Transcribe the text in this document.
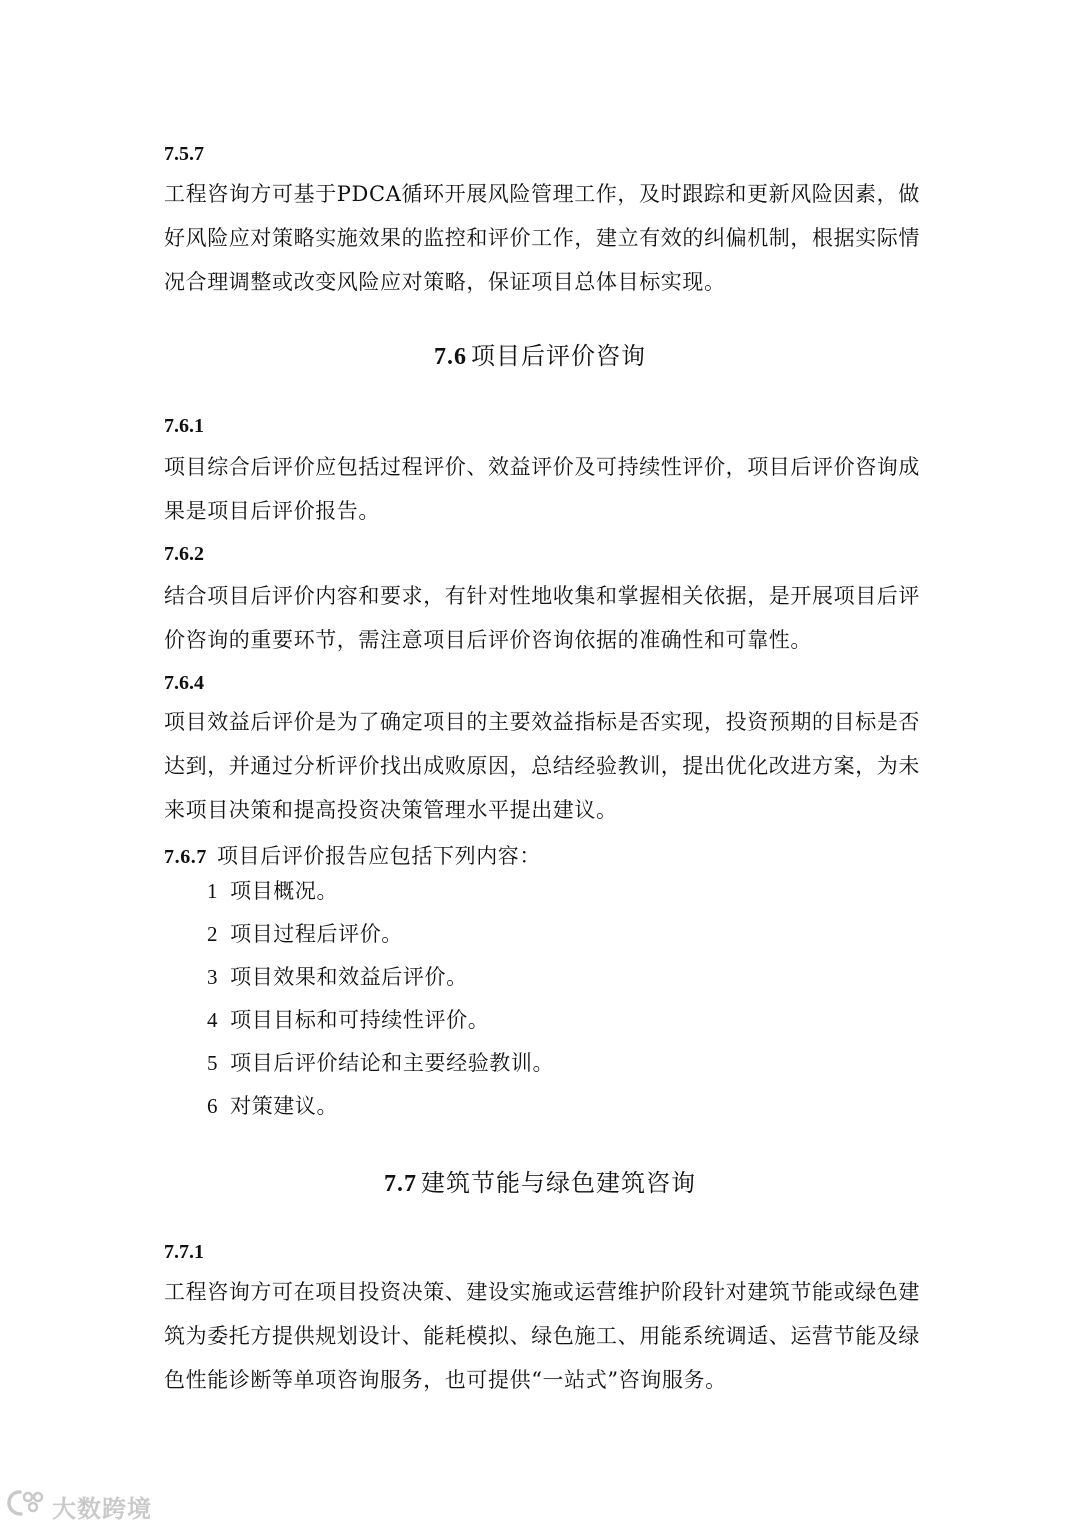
7.5.7
工程咨询方可基于PDCA循环开展风险管理工作，及时跟踪和更新风险因素，做好风险应对策略实施效果的监控和评价工作，建立有效的纠偏机制，根据实际情况合理调整或改变风险应对策略，保证项目总体目标实现。
7.6 项目后评价咨询
7.6.1
项目综合后评价应包括过程评价、效益评价及可持续性评价，项目后评价咨询成果是项目后评价报告。
7.6.2
结合项目后评价内容和要求，有针对性地收集和掌握相关依据，是开展项目后评价咨询的重要环节，需注意项目后评价咨询依据的准确性和可靠性。
7.6.4
项目效益后评价是为了确定项目的主要效益指标是否实现，投资预期的目标是否达到，并通过分析评价找出成败原因，总结经验教训，提出优化改进方案，为未来项目决策和提高投资决策管理水平提出建议。
7.6.7 项目后评价报告应包括下列内容：
1 项目概况。
2 项目过程后评价。
3 项目效果和效益后评价。
4 项目目标和可持续性评价。
5 项目后评价结论和主要经验教训。
6 对策建议。
7.7 建筑节能与绿色建筑咨询
7.7.1
工程咨询方可在项目投资决策、建设实施或运营维护阶段针对建筑节能或绿色建筑为委托方提供规划设计、能耗模拟、绿色施工、用能系统调适、运营节能及绿色性能诊断等单项咨询服务，也可提供“一站式”咨询服务。
大数跨境
